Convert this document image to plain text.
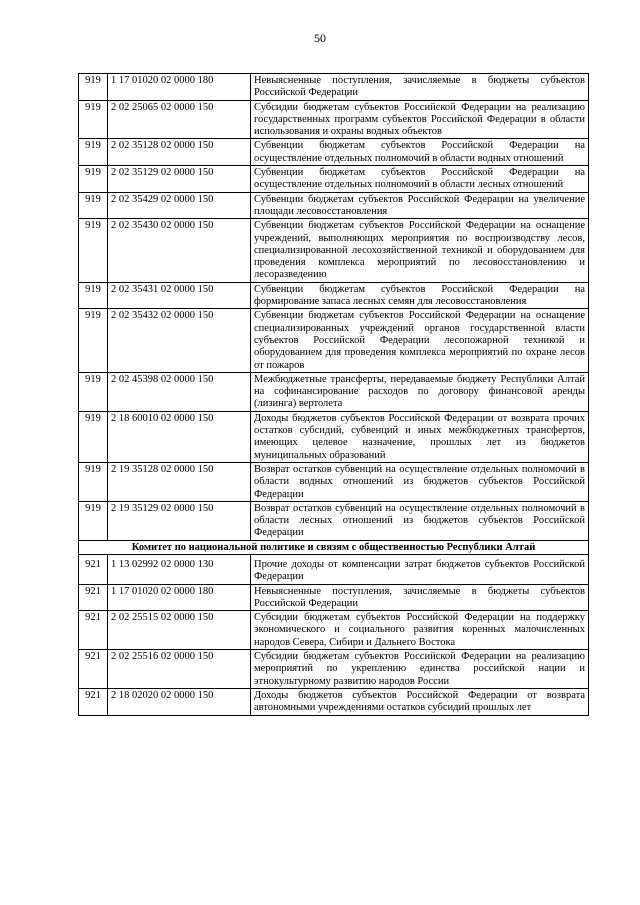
50
919	1 17 01020 02 0000 180	Невыясненные поступления, зачисляемые в бюджеты субъектов Российской Федерации
919	2 02 25065 02 0000 150	Субсидии бюджетам субъектов Российской Федерации на реализацию государственных программ субъектов Российской Федерации в области использования и охраны водных объектов
919	2 02 35128 02 0000 150	Субвенции бюджетам субъектов Российской Федерации на осуществление отдельных полномочий в области водных отношений
919	2 02 35129 02 0000 150	Субвенции бюджетам субъектов Российской Федерации на осуществление отдельных полномочий в области лесных отношений
919	2 02 35429 02 0000 150	Субвенции бюджетам субъектов Российской Федерации на увеличение площади лесовосстановления
919	2 02 35430 02 0000 150	Субвенции бюджетам субъектов Российской Федерации на оснащение учреждений, выполняющих мероприятия по воспроизводству лесов, специализированной лесохозяйственной техникой и оборудованием для проведения комплекса мероприятий по лесовосстановлению и лесоразведению
919	2 02 35431 02 0000 150	Субвенции бюджетам субъектов Российской Федерации на формирование запаса лесных семян для лесовосстановления
919	2 02 35432 02 0000 150	Субвенции бюджетам субъектов Российской Федерации на оснащение специализированных учреждений органов государственной власти субъектов Российской Федерации лесопожарной техникой и оборудованием для проведения комплекса мероприятий по охране лесов от пожаров
919	2 02 45398 02 0000 150	Межбюджетные трансферты, передаваемые бюджету Республики Алтай на софинансирование расходов по договору финансовой аренды (лизинга) вертолета
919	2 18 60010 02 0000 150	Доходы бюджетов субъектов Российской Федерации от возврата прочих остатков субсидий, субвенций и иных межбюджетных трансфертов, имеющих целевое назначение, прошлых лет из бюджетов муниципальных образований
919	2 19 35128 02 0000 150	Возврат остатков субвенций на осуществление отдельных полномочий в области водных отношений из бюджетов субъектов Российской Федерации
919	2 19 35129 02 0000 150	Возврат остатков субвенций на осуществление отдельных полномочий в области лесных отношений из бюджетов субъектов Российской Федерации
Комитет по национальной политике и связям с общественностью Республики Алтай		
921	1 13 02992 02 0000 130	Прочие доходы от компенсации затрат бюджетов субъектов Российской Федерации
921	1 17 01020 02 0000 180	Невыясненные поступления, зачисляемые в бюджеты субъектов Российской Федерации
921	2 02 25515 02 0000 150	Субсидии бюджетам субъектов Российской Федерации на поддержку экономического и социального развития коренных малочисленных народов Севера, Сибири и Дальнего Востока
921	2 02 25516 02 0000 150	Субсидии бюджетам субъектов Российской Федерации на реализацию мероприятий по укреплению единства российской нации и этнокультурному развитию народов России
921	2 18 02020 02 0000 150	Доходы бюджетов субъектов Российской Федерации от возврата автономными учреждениями остатков субсидий прошлых лет
